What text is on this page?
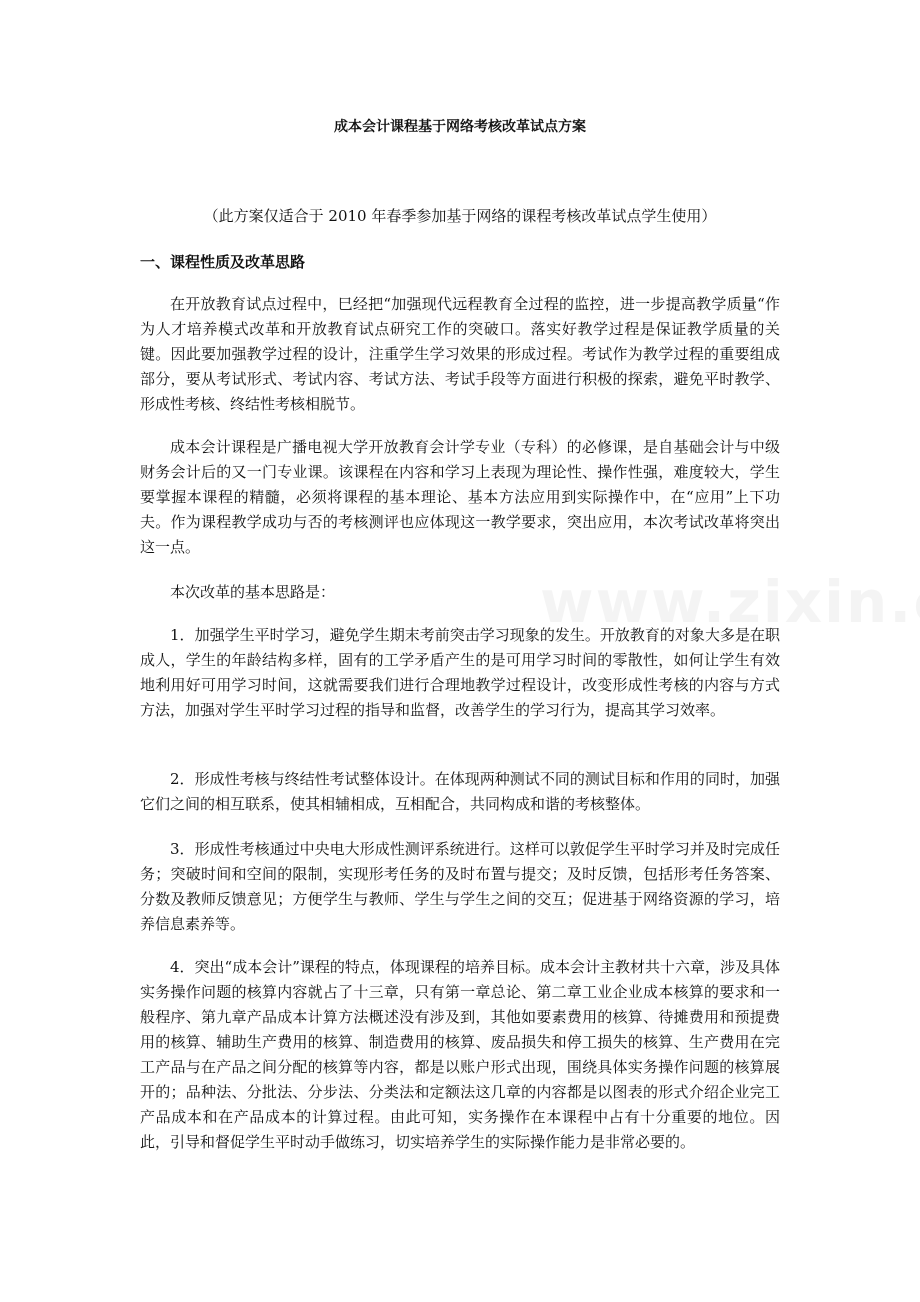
成本会计课程基于网络考核改革试点方案
（此方案仅适合于 2010 年春季参加基于网络的课程考核改革试点学生使用）
一、课程性质及改革思路

在开放教育试点过程中，巳经把“加强现代远程教育全过程的监控，进一步提高教学质量“作为人才培养模式改革和开放教育试点研究工作的突破口。落实好教学过程是保证教学质量的关键。因此要加强教学过程的设计，注重学生学习效果的形成过程。考试作为教学过程的重要组成部分，要从考试形式、考试内容、考试方法、考试手段等方面进行积极的探索，避免平时教学、形成性考核、终结性考核相脱节。

成本会计课程是广播电视大学开放教育会计学专业（专科）的必修课，是自基础会计与中级财务会计后的又一门专业课。该课程在内容和学习上表现为理论性、操作性强，难度较大，学生要掌握本课程的精髓，必须将课程的基本理论、基本方法应用到实际操作中，在“应用”上下功夫。作为课程教学成功与否的考核测评也应体现这一教学要求，突出应用，本次考试改革将突出这一点。

本次改革的基本思路是：

1．加强学生平时学习，避免学生期末考前突击学习现象的发生。开放教育的对象大多是在职成人，学生的年龄结构多样，固有的工学矛盾产生的是可用学习时间的零散性，如何让学生有效地利用好可用学习时间，这就需要我们进行合理地教学过程设计，改变形成性考核的内容与方式方法，加强对学生平时学习过程的指导和监督，改善学生的学习行为，提高其学习效率。

2．形成性考核与终结性考试整体设计。在体现两种测试不同的测试目标和作用的同时，加强它们之间的相互联系，使其相辅相成，互相配合，共同构成和谐的考核整体。

3．形成性考核通过中央电大形成性测评系统进行。这样可以敦促学生平时学习并及时完成任务；突破时间和空间的限制，实现形考任务的及时布置与提交；及时反馈，包括形考任务答案、分数及教师反馈意见；方便学生与教师、学生与学生之间的交互；促进基于网络资源的学习，培养信息素养等。

4．突出“成本会计”课程的特点，体现课程的培养目标。成本会计主教材共十六章，涉及具体实务操作问题的核算内容就占了十三章，只有第一章总论、第二章工业企业成本核算的要求和一般程序、第九章产品成本计算方法概述没有涉及到，其他如要素费用的核算、待摊费用和预提费用的核算、辅助生产费用的核算、制造费用的核算、废品损失和停工损失的核算、生产费用在完工产品与在产品之间分配的核算等内容，都是以账户形式出现，围绕具体实务操作问题的核算展开的；品种法、分批法、分步法、分类法和定额法这几章的内容都是以图表的形式介绍企业完工产品成本和在产品成本的计算过程。由此可知，实务操作在本课程中占有十分重要的地位。因此，引导和督促学生平时动手做练习，切实培养学生的实际操作能力是非常必要的。
